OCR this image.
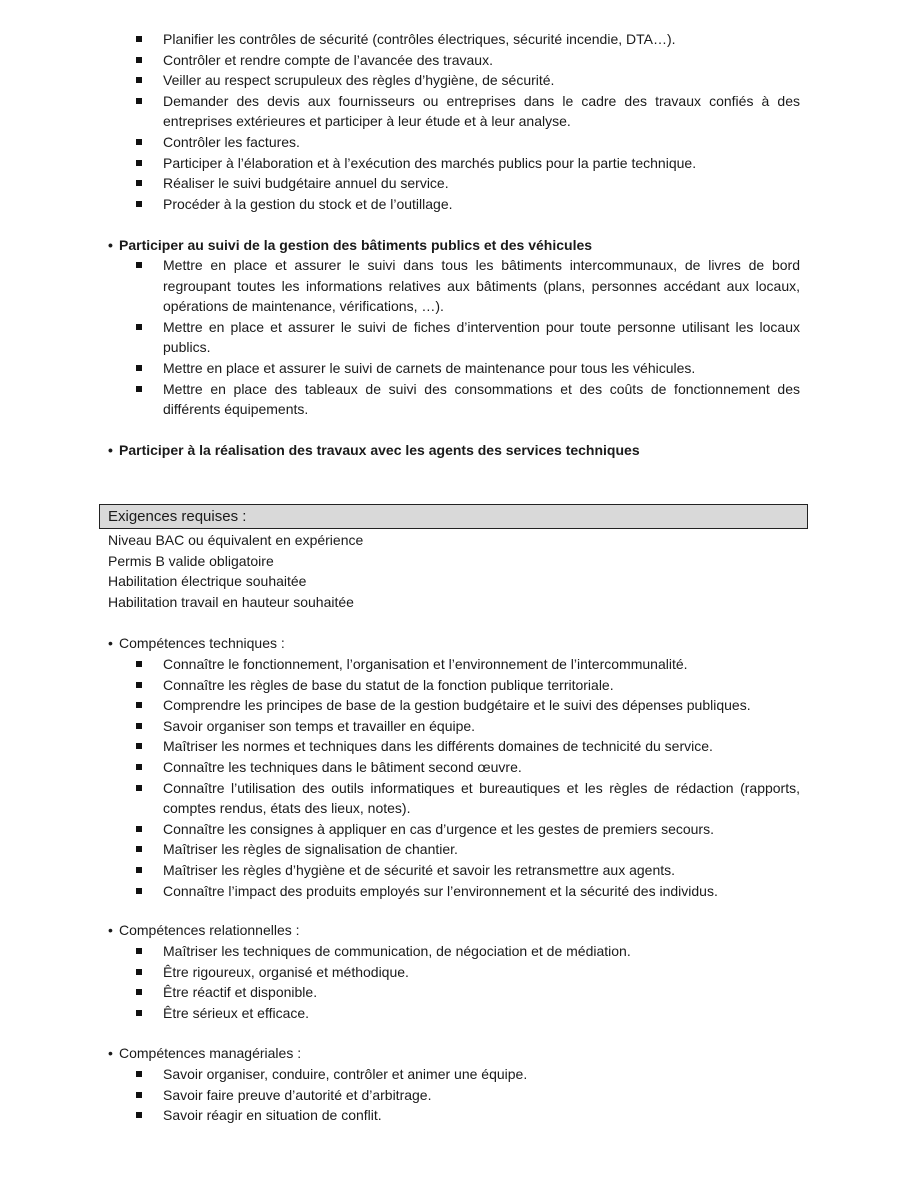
Planifier les contrôles de sécurité (contrôles électriques, sécurité incendie, DTA…).
Contrôler et rendre compte de l’avancée des travaux.
Veiller au respect scrupuleux des règles d’hygiène, de sécurité.
Demander des devis aux fournisseurs ou entreprises dans le cadre des travaux confiés à des entreprises extérieures et participer à leur étude et à leur analyse.
Contrôler les factures.
Participer à l’élaboration et à l’exécution des marchés publics pour la partie technique.
Réaliser le suivi budgétaire annuel du service.
Procéder à la gestion du stock et de l’outillage.
• Participer au suivi de la gestion des bâtiments publics et des véhicules
Mettre en place et assurer le suivi dans tous les bâtiments intercommunaux, de livres de bord regroupant toutes les informations relatives aux bâtiments (plans, personnes accédant aux locaux, opérations de maintenance, vérifications, …).
Mettre en place et assurer le suivi de fiches d’intervention pour toute personne utilisant les locaux publics.
Mettre en place et assurer le suivi de carnets de maintenance pour tous les véhicules.
Mettre en place des tableaux de suivi des consommations et des coûts de fonctionnement des différents équipements.
• Participer à la réalisation des travaux avec les agents des services techniques
Exigences requises :
Niveau BAC ou équivalent en expérience
Permis B valide obligatoire
Habilitation électrique souhaitée
Habilitation travail en hauteur souhaitée
• Compétences techniques :
Connaître le fonctionnement, l’organisation et l’environnement de l’intercommunalité.
Connaître les règles de base du statut de la fonction publique territoriale.
Comprendre les principes de base de la gestion budgétaire et le suivi des dépenses publiques.
Savoir organiser son temps et travailler en équipe.
Maîtriser les normes et techniques dans les différents domaines de technicité du service.
Connaître les techniques dans le bâtiment second œuvre.
Connaître l’utilisation des outils informatiques et bureautiques et les règles de rédaction (rapports, comptes rendus, états des lieux, notes).
Connaître les consignes à appliquer en cas d’urgence et les gestes de premiers secours.
Maîtriser les règles de signalisation de chantier.
Maîtriser les règles d’hygiène et de sécurité et savoir les retransmettre aux agents.
Connaître l’impact des produits employés sur l’environnement et la sécurité des individus.
• Compétences relationnelles :
Maîtriser les techniques de communication, de négociation et de médiation.
Être rigoureux, organisé et méthodique.
Être réactif et disponible.
Être sérieux et efficace.
• Compétences managériales :
Savoir organiser, conduire, contrôler et animer une équipe.
Savoir faire preuve d’autorité et d’arbitrage.
Savoir réagir en situation de conflit.
